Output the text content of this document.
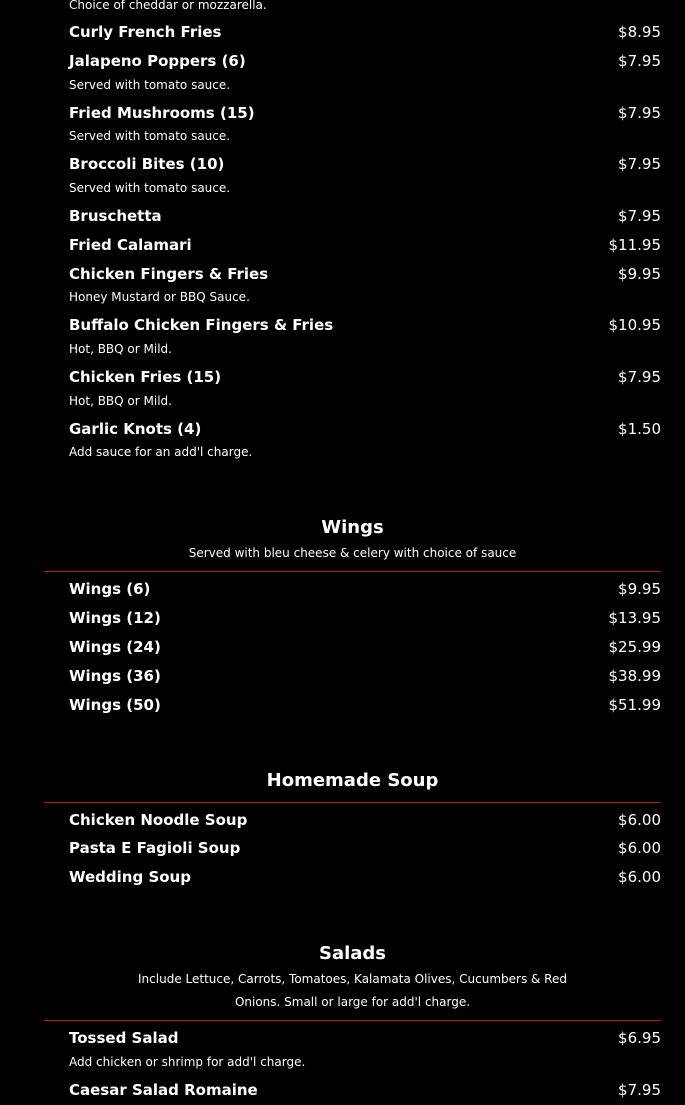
Choice of cheddar or mozzarella.
Curly French Fries	$8.95
Jalapeno Poppers (6)	$7.95
Served with tomato sauce.
Fried Mushrooms (15)	$7.95
Served with tomato sauce.
Broccoli Bites (10)	$7.95
Served with tomato sauce.
Bruschetta	$7.95
Fried Calamari	$11.95
Chicken Fingers & Fries	$9.95
Honey Mustard or BBQ Sauce.
Buffalo Chicken Fingers & Fries	$10.95
Hot, BBQ or Mild.
Chicken Fries (15)	$7.95
Hot, BBQ or Mild.
Garlic Knots (4)	$1.50
Add sauce for an add'l charge.
Wings
Served with bleu cheese & celery with choice of sauce
Wings (6)	$9.95
Wings (12)	$13.95
Wings (24)	$25.99
Wings (36)	$38.99
Wings (50)	$51.99
Homemade Soup
Chicken Noodle Soup	$6.00
Pasta E Fagioli Soup	$6.00
Wedding Soup	$6.00
Salads
Include Lettuce, Carrots, Tomatoes, Kalamata Olives, Cucumbers & Red Onions. Small or large for add'l charge.
Tossed Salad	$6.95
Add chicken or shrimp for add'l charge.
Caesar Salad Romaine	$7.95
